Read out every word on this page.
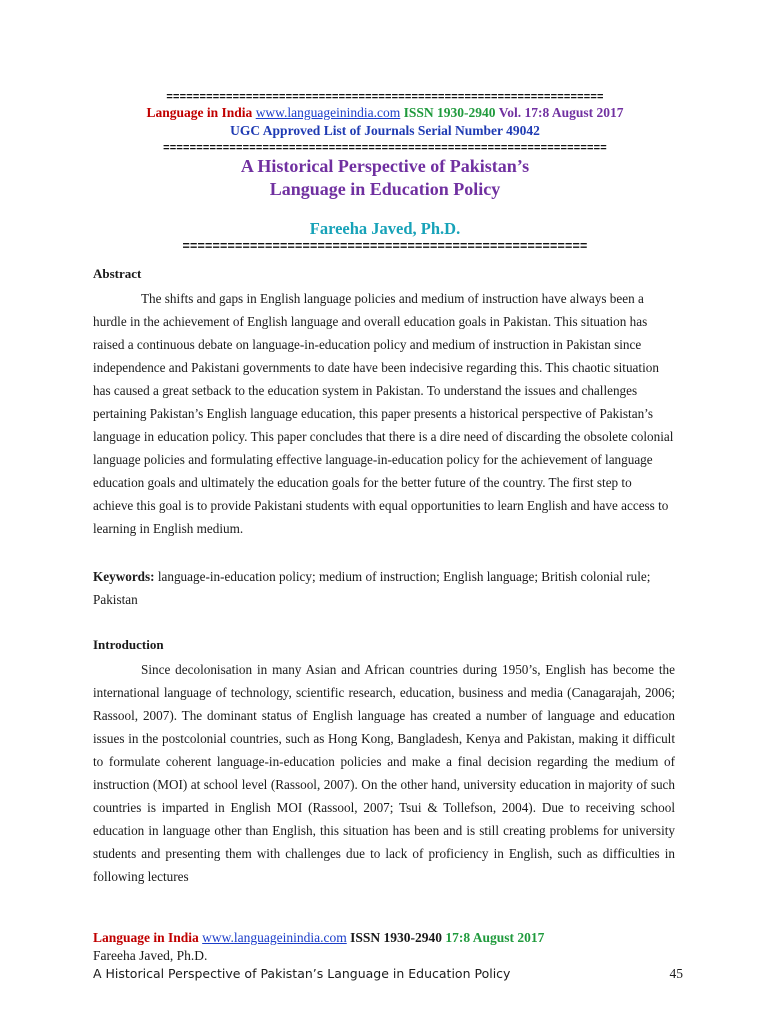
==================================================================
Language in India www.languageinindia.com ISSN 1930-2940 Vol. 17:8 August 2017
UGC Approved List of Journals Serial Number 49042
===================================================================
A Historical Perspective of Pakistan’s
Language in Education Policy
Fareeha Javed, Ph.D.
======================================================
Abstract
The shifts and gaps in English language policies and medium of instruction have always been a hurdle in the achievement of English language and overall education goals in Pakistan. This situation has raised a continuous debate on language-in-education policy and medium of instruction in Pakistan since independence and Pakistani governments to date have been indecisive regarding this. This chaotic situation has caused a great setback to the education system in Pakistan. To understand the issues and challenges pertaining Pakistan’s English language education, this paper presents a historical perspective of Pakistan’s language in education policy. This paper concludes that there is a dire need of discarding the obsolete colonial language policies and formulating effective language-in-education policy for the achievement of language education goals and ultimately the education goals for the better future of the country. The first step to achieve this goal is to provide Pakistani students with equal opportunities to learn English and have access to learning in English medium.
Keywords: language-in-education policy; medium of instruction; English language; British colonial rule; Pakistan
Introduction
Since decolonisation in many Asian and African countries during 1950’s, English has become the international language of technology, scientific research, education, business and media (Canagarajah, 2006; Rassool, 2007). The dominant status of English language has created a number of language and education issues in the postcolonial countries, such as Hong Kong, Bangladesh, Kenya and Pakistan, making it difficult to formulate coherent language-in-education policies and make a final decision regarding the medium of instruction (MOI) at school level (Rassool, 2007). On the other hand, university education in majority of such countries is imparted in English MOI (Rassool, 2007; Tsui & Tollefson, 2004). Due to receiving school education in language other than English, this situation has been and is still creating problems for university students and presenting them with challenges due to lack of proficiency in English, such as difficulties in following lectures
Language in India www.languageinindia.com ISSN 1930-2940 17:8 August 2017
Fareeha Javed, Ph.D.
A Historical Perspective of Pakistan’s Language in Education Policy	45
